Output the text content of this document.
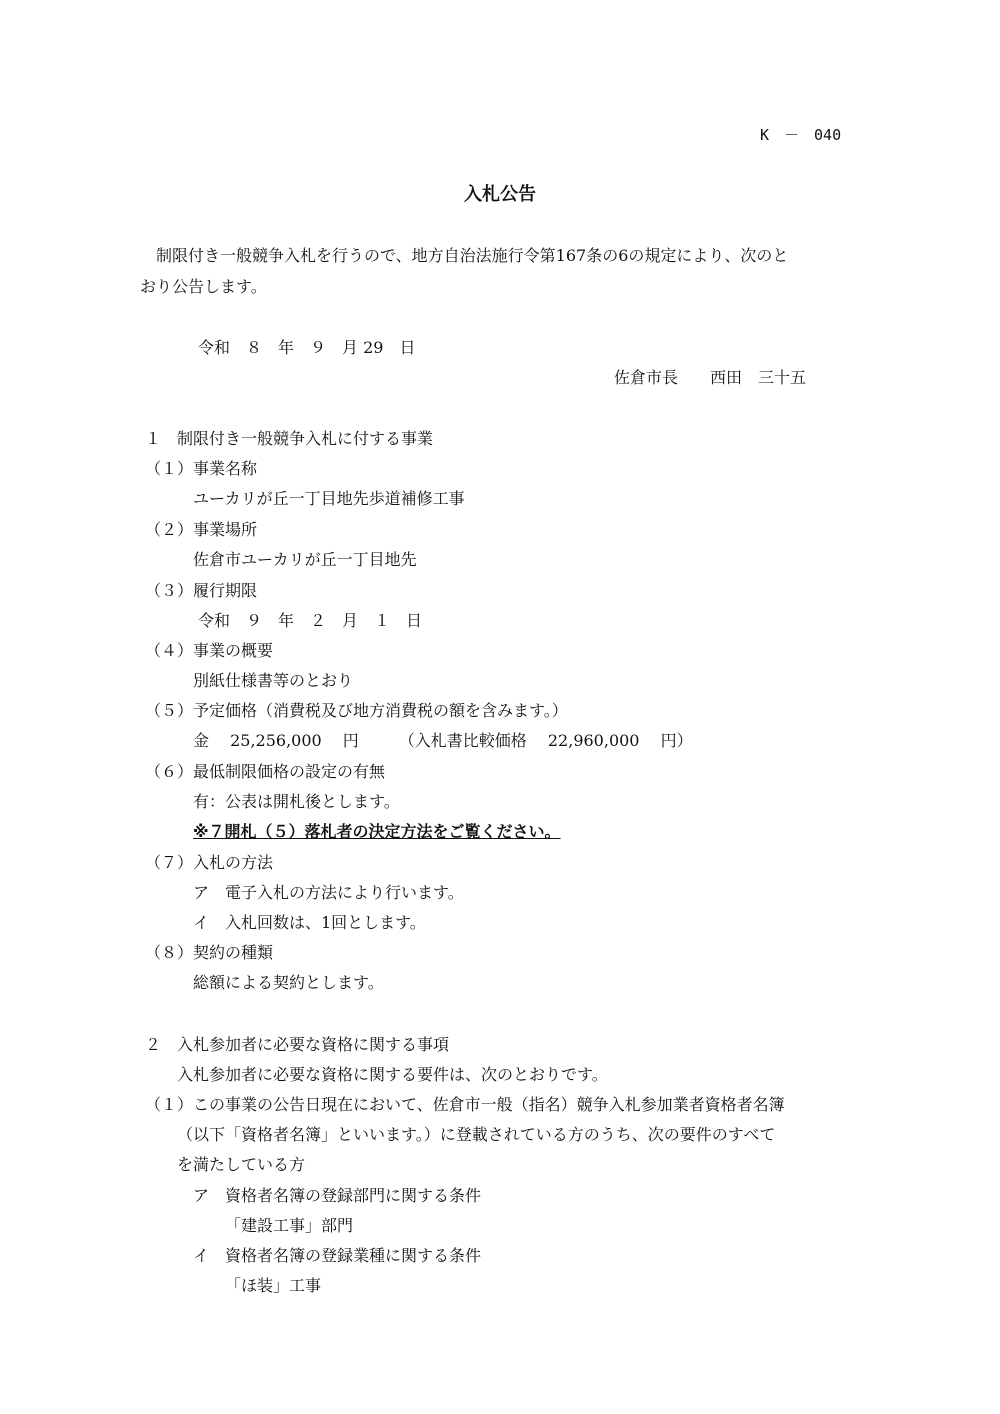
K　－　040
入札公告
　制限付き一般競争入札を行うので、地方自治法施行令第167条の6の規定により、次のと
おり公告します。
令和　８　年　９　月 29　日
佐倉市長　　西田　三十五
１　制限付き一般競争入札に付する事業
（１）事業名称
ユーカリが丘一丁目地先歩道補修工事
（２）事業場所
佐倉市ユーカリが丘一丁目地先
（３）履行期限
令和　９　年　２　月　１　日
（４）事業の概要
別紙仕様書等のとおり
（５）予定価格（消費税及び地方消費税の額を含みます。）
金　 25,256,000　 円　　　（入札書比較価格　 22,960,000　 円）
（６）最低制限価格の設定の有無
有：公表は開札後とします。
※７開札（５）落札者の決定方法をご覧ください。
（７）入札の方法
ア　電子入札の方法により行います。
イ　入札回数は、1回とします。
（８）契約の種類
総額による契約とします。
２　入札参加者に必要な資格に関する事項
入札参加者に必要な資格に関する要件は、次のとおりです。
（１）この事業の公告日現在において、佐倉市一般（指名）競争入札参加業者資格者名簿
（以下「資格者名簿」といいます。）に登載されている方のうち、次の要件のすべて
を満たしている方
ア　資格者名簿の登録部門に関する条件
「建設工事」部門
イ　資格者名簿の登録業種に関する条件
「ほ装」工事
